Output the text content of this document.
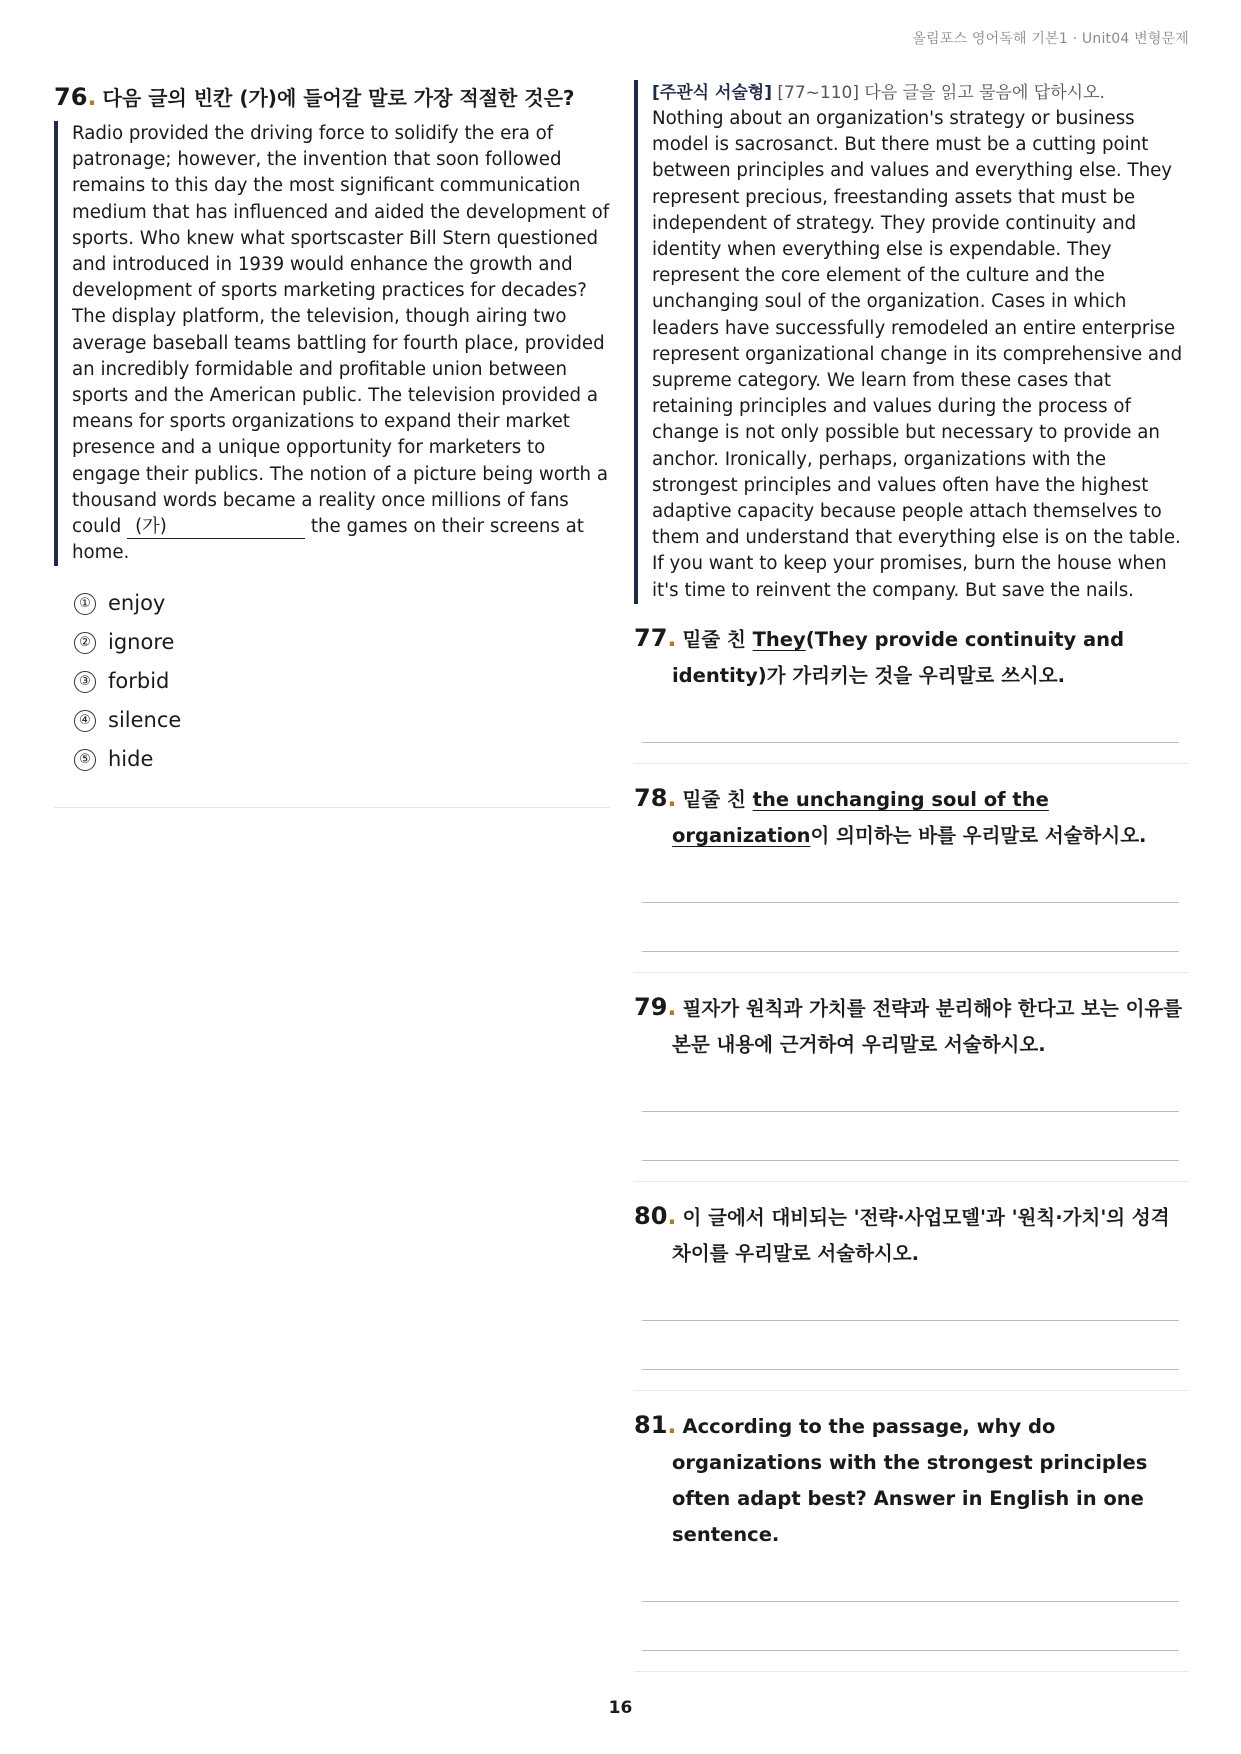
올림포스 영어독해 기본1 · Unit04 변형문제
76. 다음 글의 빈칸 (가)에 들어갈 말로 가장 적절한 것은?
Radio provided the driving force to solidify the era of patronage; however, the invention that soon followed remains to this day the most significant communication medium that has influenced and aided the development of sports. Who knew what sportscaster Bill Stern questioned and introduced in 1939 would enhance the growth and development of sports marketing practices for decades? The display platform, the television, though airing two average baseball teams battling for fourth place, provided an incredibly formidable and profitable union between sports and the American public. The television provided a means for sports organizations to expand their market presence and a unique opportunity for marketers to engage their publics. The notion of a picture being worth a thousand words became a reality once millions of fans could (가)	the games on their screens at home.
① enjoy
② ignore
③ forbid
④ silence
⑤ hide
[주관식 서술형] [77~110] 다음 글을 읽고 물음에 답하시오.
Nothing about an organization's strategy or business model is sacrosanct. But there must be a cutting point between principles and values and everything else. They represent precious, freestanding assets that must be independent of strategy. They provide continuity and identity when everything else is expendable. They represent the core element of the culture and the unchanging soul of the organization. Cases in which leaders have successfully remodeled an entire enterprise represent organizational change in its comprehensive and supreme category. We learn from these cases that retaining principles and values during the process of change is not only possible but necessary to provide an anchor. Ironically, perhaps, organizations with the strongest principles and values often have the highest adaptive capacity because people attach themselves to them and understand that everything else is on the table. If you want to keep your promises, burn the house when it's time to reinvent the company. But save the nails.
77. 밑줄 친 They(They provide continuity and identity)가 가리키는 것을 우리말로 쓰시오.
78. 밑줄 친 the unchanging soul of the organization이 의미하는 바를 우리말로 서술하시오.
79. 필자가 원칙과 가치를 전략과 분리해야 한다고 보는 이유를 본문 내용에 근거하여 우리말로 서술하시오.
80. 이 글에서 대비되는 '전략·사업모델'과 '원칙·가치'의 성격 차이를 우리말로 서술하시오.
81. According to the passage, why do organizations with the strongest principles often adapt best? Answer in English in one sentence.
16
